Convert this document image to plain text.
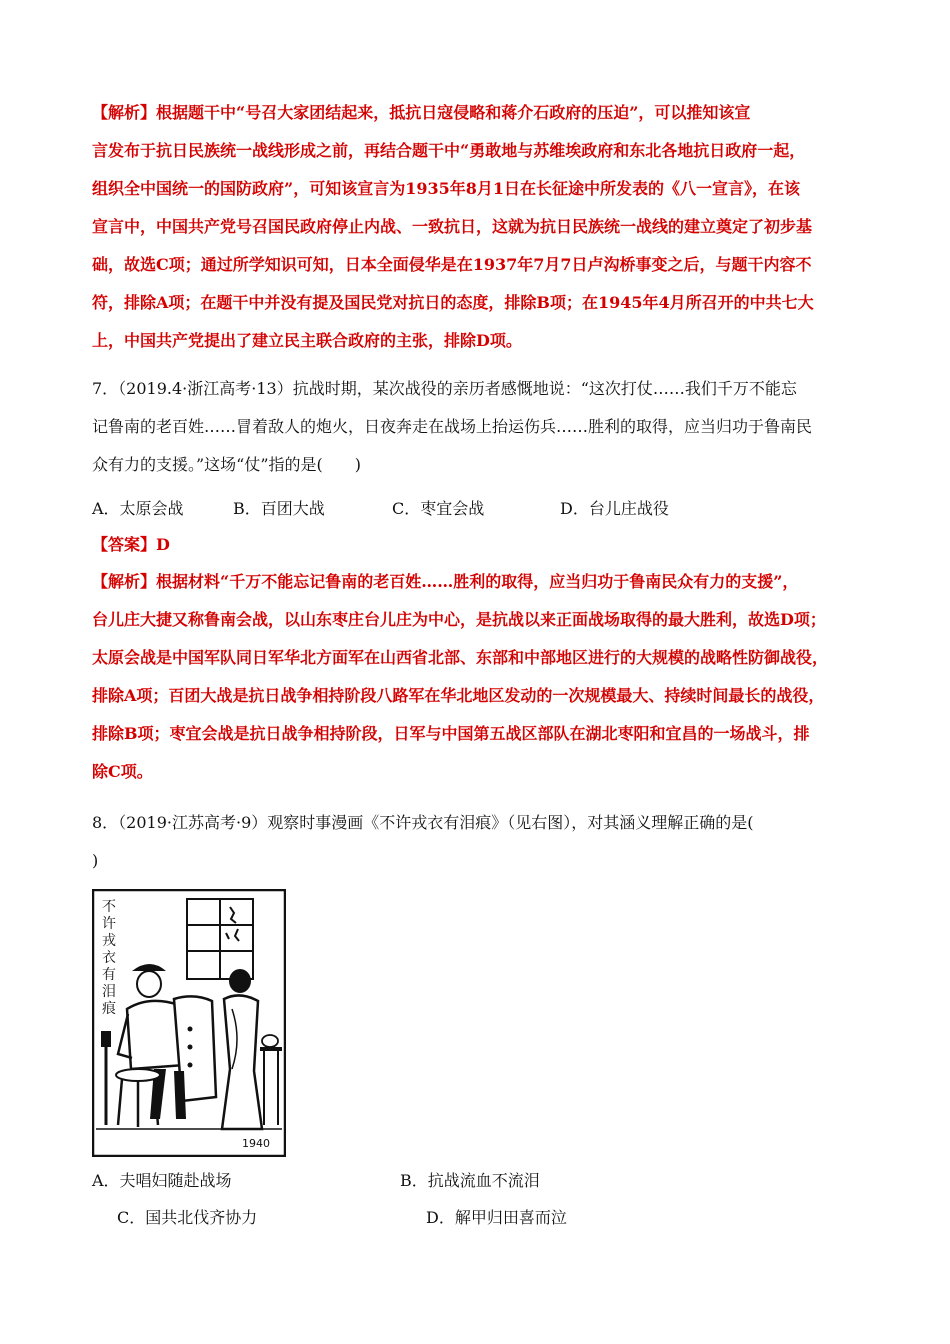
【解析】根据题干中“号召大家团结起来，抵抗日寇侵略和蒋介石政府的压迫”，可以推知该宣
言发布于抗日民族统一战线形成之前，再结合题干中“勇敢地与苏维埃政府和东北各地抗日政府一起，
组织全中国统一的国防政府”，可知该宣言为1935年8月1日在长征途中所发表的《八一宣言》，在该
宣言中，中国共产党号召国民政府停止内战、一致抗日，这就为抗日民族统一战线的建立奠定了初步基
础，故选C项；通过所学知识可知，日本全面侵华是在1937年7月7日卢沟桥事变之后，与题干内容不
符，排除A项；在题干中并没有提及国民党对抗日的态度，排除B项；在1945年4月所召开的中共七大
上，中国共产党提出了建立民主联合政府的主张，排除D项。
7．（2019.4·浙江高考·13）抗战时期，某次战役的亲历者感慨地说：“这次打仗……我们千万不能忘
记鲁南的老百姓……冒着敌人的炮火，日夜奔走在战场上抬运伤兵……胜利的取得，应当归功于鲁南民
众有力的支援。”这场“仗”指的是(　　)
A．太原会战	B．百团大战	C．枣宜会战	D．台儿庄战役
【答案】D
【解析】根据材料“千万不能忘记鲁南的老百姓……胜利的取得，应当归功于鲁南民众有力的支援”，
台儿庄大捷又称鲁南会战，以山东枣庄台儿庄为中心，是抗战以来正面战场取得的最大胜利，故选D项；
太原会战是中国军队同日军华北方面军在山西省北部、东部和中部地区进行的大规模的战略性防御战役，
排除A项；百团大战是抗日战争相持阶段八路军在华北地区发动的一次规模最大、持续时间最长的战役，
排除B项；枣宜会战是抗日战争相持阶段，日军与中国第五战区部队在湖北枣阳和宜昌的一场战斗，排
除C项。
8．（2019·江苏高考·9）观察时事漫画《不许戎衣有泪痕》（见右图），对其涵义理解正确的是(
)
不
许
戎
衣
有
泪
痕
1940
A．夫唱妇随赴战场	B．抗战流血不流泪
C．国共北伐齐协力	D．解甲归田喜而泣
